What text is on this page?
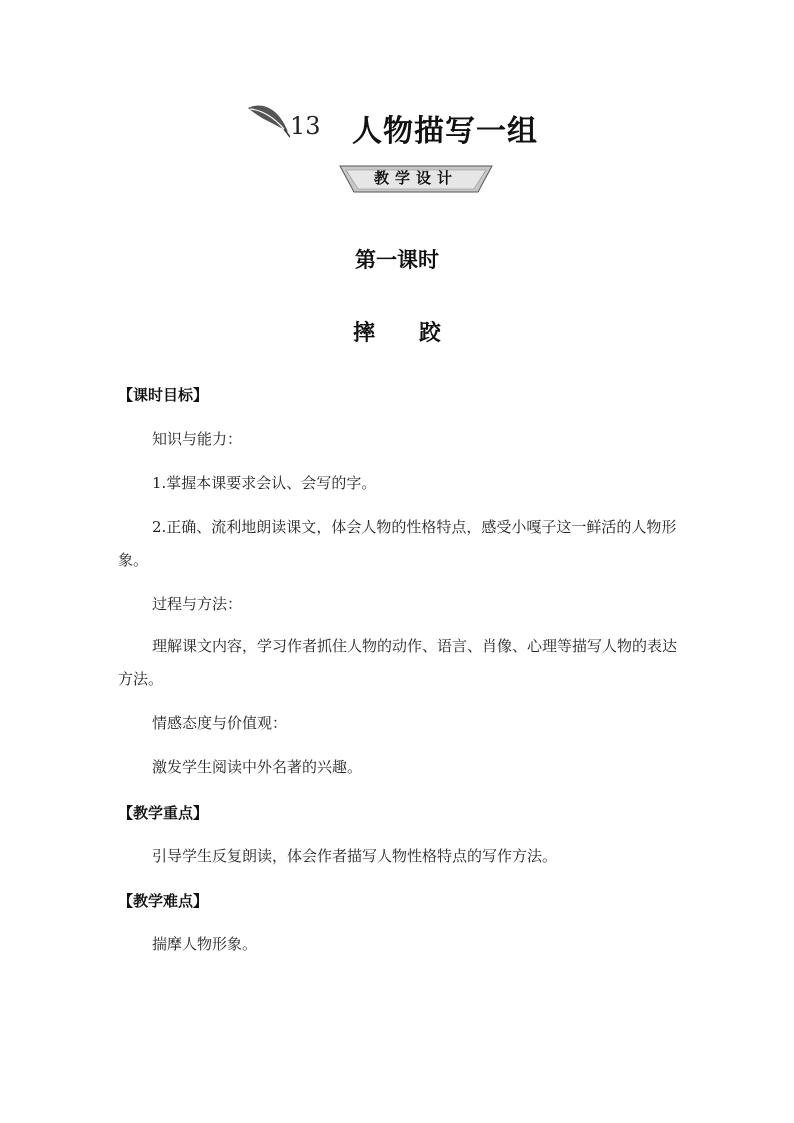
13 人物描写一组
教学设计
第一课时
摔 跤
【课时目标】
知识与能力：
1.掌握本课要求会认、会写的字。
2.正确、流利地朗读课文，体会人物的性格特点，感受小嘎子这一鲜活的人物形象。
过程与方法：
理解课文内容，学习作者抓住人物的动作、语言、肖像、心理等描写人物的表达方法。
情感态度与价值观：
激发学生阅读中外名著的兴趣。
【教学重点】
引导学生反复朗读，体会作者描写人物性格特点的写作方法。
【教学难点】
揣摩人物形象。
